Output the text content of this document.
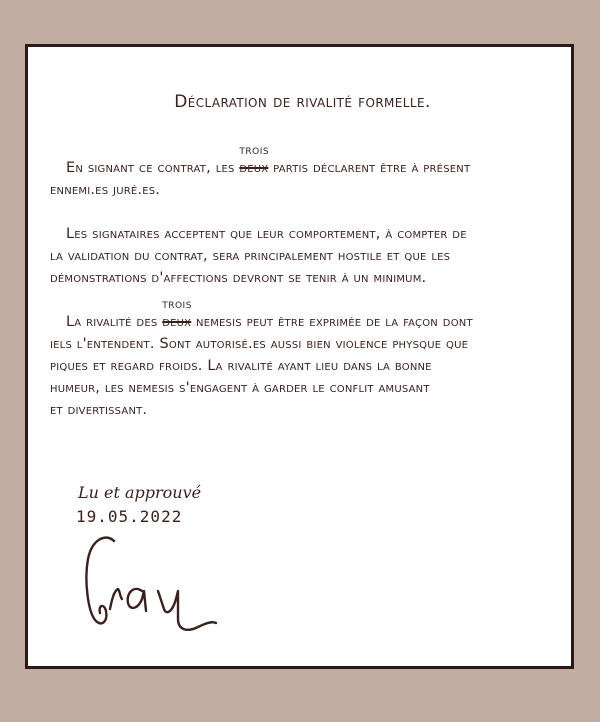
Déclaration de rivalité formelle.
En signant ce contrat, les deux
trois
partis déclarent être à présent
ennemi.es juré.es.
Les signataires acceptent que leur comportement, à compter de
la validation du contrat, sera principalement hostile et que les
démonstrations d'affections devront se tenir à un minimum.
La rivalité des deux
trois
nemesis peut être exprimée de la façon dont
iels l'entendent. Sont autorisé.es aussi bien violence physque que
piques et regard froids. La rivalité ayant lieu dans la bonne
humeur, les nemesis s'engagent à garder le conflit amusant
et divertissant.
Lu et approuvé
19.05.2022
